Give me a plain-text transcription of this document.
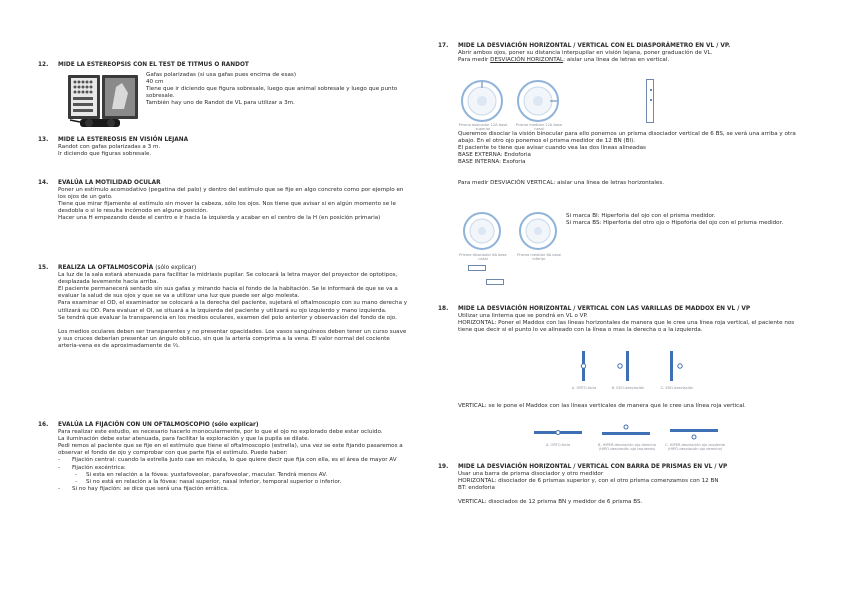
12. MIDE LA ESTEREOPSIS CON EL TEST DE TITMUS O RANDOT

Gafas polarizadas (si usa gafas pues encima de esas)

40 cm

Tiene que ir diciendo que figura sobresale, luego que animal sobresale y luego que punto sobresale.

También hay uno de Randot de VL para utilizar a 3m.

13. MIDE LA ESTEREOSIS EN VISIÓN LEJANA

Randot con gafas polarizadas a 3 m.

Ir diciendo que figuras sobresale.

14. EVALÚA LA MOTILIDAD OCULAR

Poner un estímulo acomodativo (pegatina del palo) y dentro del estímulo que se fije en algo concreto como por ejemplo en los ojos de un gato.

Tiene que mirar fijamente al estímulo sin mover la cabeza, sólo los ojos. Nos tiene que avisar si en algún momento se le desdobla o si le resulta incómodo en alguna posición.

Hacer una H empezando desde el centro e ir hacia la izquierda y acabar en el centro de la H (en posición primaria)

15. REALIZA LA OFTALMOSCOPÍA (sólo explicar)

La luz de la sala estará atenuada para facilitar la midriasis pupilar. Se colocará la letra mayor del proyector de optotipos, desplazada levemente hacia arriba.

El paciente permanecerá sentado sin sus gafas y mirando hacia el fondo de la habitación. Se le informará de que se va a evaluar la salud de sus ojos y que se va a utilizar una luz que puede ser algo molesta.

Para examinar el OD, el examinador se colocará a la derecha del paciente, sujetará el oftalmoscopio con su mano derecha y utilizará su OD. Para evaluar el OI, se situará a la izquierda del paciente y utilizará su ojo izquierdo y mano izquierda.

Se tendrá que evaluar la transparencia en los medios oculares, examen del polo anterior y observación del fondo de ojo.

Los medios oculares deben ser transparentes y no presentar opacidades. Los vasos sanguíneos deben tener un curso suave y sus cruces deberían presentar un ángulo oblicuo, sin que la arteria comprima a la vena. El valor normal del cociente arteria-vena es de aproximadamente de ⅔.

16. EVALÚA LA FIJACIÓN CON UN OFTALMOSCOPIO (sólo explicar)

Para realizar este estudio, es necesario hacerlo monocularmente, por lo que el ojo no explorado debe estar ocluido.

La iluminación debe estar atenuada, para facilitar la exploración y que la pupila se dilate.

Pedi remos al paciente que se fije en el estímulo que tiene el oftalmoscopio (estrella), una vez se este fijando pasaremos a observar el fondo de ojo y comprobar con que parte fija el estímulo. Puede haber:

- Fijación central: cuando la estrella justo cae en mácula, lo que quiere decir que fija con ella, es el área de mayor AV

- Fijación excéntrica:

- Si esta en relación a la fóvea: yuxtafoveolar, parafoveolar, macular. Tendrá menos AV.

- Si no está en relación a la fóvea: nasal superior, nasal inferior, temporal superior o inferior.

- Si no hay fijación: se dice que será una fijación errática.

17. MIDE LA DESVIACIÓN HORIZONTAL / VERTICAL CON EL DIASPORÁMETRO EN VL / VP.

Abrir ambos ojos, poner su distancia interpupilar en visión lejana, poner graduación de VL.

Para medir DESVIACIÓN HORIZONTAL: aislar una línea de letras en vertical.

Prisma dosicador 12Δ base superior
Prisma medidor 12Δ base nasal

Queremos disociar la visión binocular para ello ponemos un prisma disociador vertical de 6 BS, se verá una arriba y otra abajo. En el otro ojo ponemos el prisma medidor de 12 BN (BI).

El paciente te tiene que avisar cuando vea las dos líneas alineadas

BASE EXTERNA: Endoforia

BASE INTERNA: Exoforia

Para medir DESVIACIÓN VERTICAL: aislar una línea de letras horizontales.

Prisma disociador 6Δ base nasal
Prisma medidor 6Δ base inferior

Si marca BI: Hiperforia del ojo con el prisma medidor.

Si marca BS: Hiperforia del otro ojo o Hipoforia del ojo con el prisma medidor.

18. MIDE LA DESVIACIÓN HORIZONTAL / VERTICAL CON LAS VARILLAS DE MADDOX EN VL / VP

Utilizar una linterna que se pondrá en VL o VP.

HORIZONTAL: Poner el Maddox con las líneas horizontales de manera que le cree una línea roja vertical, el paciente nos tiene que decir si el punto lo ve alineado con la línea o mas la derecha o a la izquierda.

A. ORTO-foria	B. ESO-desviación	C. EXO-desviación

VERTICAL: se le pone el Maddox con las líneas verticales de manera que le cree una línea roja vertical.

A. ORTO-foria	B. HIPER-desviación ojo derecho (HIPO-desviación ojo izquierdo)
C. HIPER-desviación ojo izquierdo (HIPO-desviación ojo derecho)
19. MIDE LA DESVIACIÓN HORIZONTAL / VERTICAL CON BARRA DE PRISMAS EN VL / VP

Usar una barra de prisma disociador y otro medidor

HORIZONTAL: disociador de 6 prismas superior y, con el otro prisma comenzamos con 12 BN

BT: endoforia

VERTICAL: disociados de 12 prisma BN y medidor de 6 prisma BS.
